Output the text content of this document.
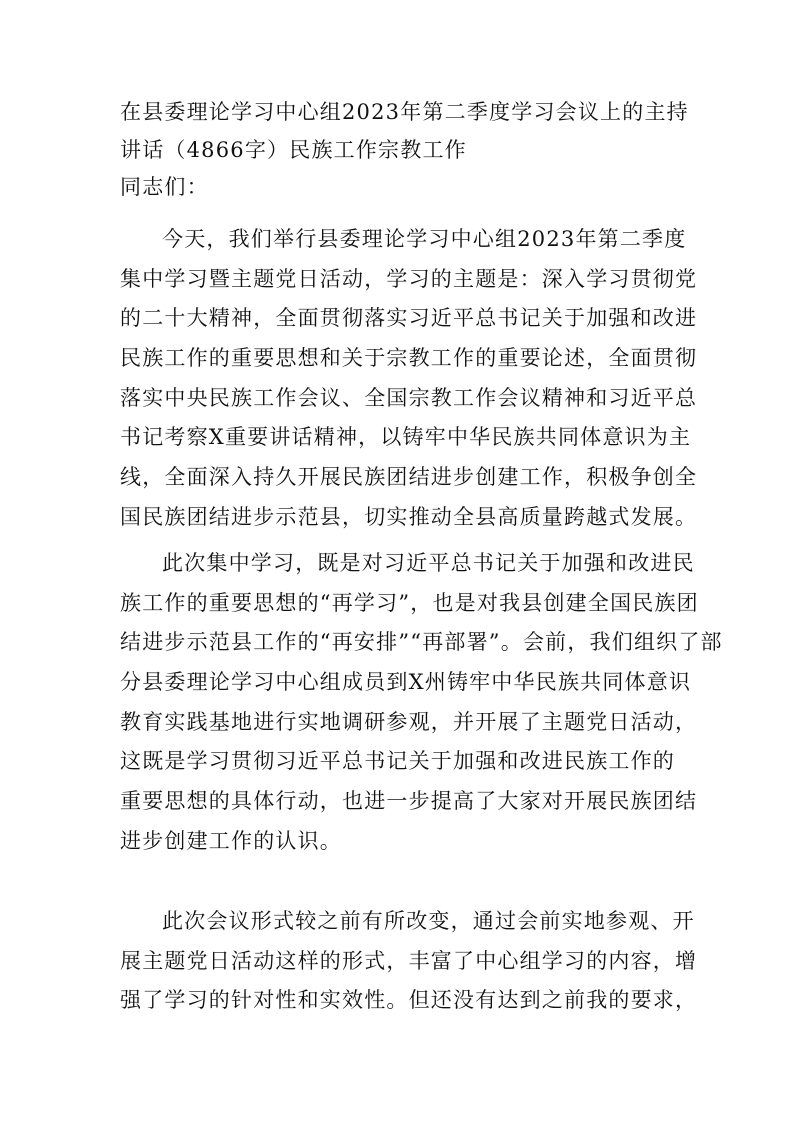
在县委理论学习中心组2023年第二季度学习会议上的主持
讲话（4866字）民族工作宗教工作
同志们：
今天，我们举行县委理论学习中心组2023年第二季度
集中学习暨主题党日活动，学习的主题是：深入学习贯彻党
的二十大精神，全面贯彻落实习近平总书记关于加强和改进
民族工作的重要思想和关于宗教工作的重要论述，全面贯彻
落实中央民族工作会议、全国宗教工作会议精神和习近平总
书记考察X重要讲话精神，以铸牢中华民族共同体意识为主
线，全面深入持久开展民族团结进步创建工作，积极争创全
国民族团结进步示范县，切实推动全县高质量跨越式发展。
此次集中学习，既是对习近平总书记关于加强和改进民
族工作的重要思想的“再学习”，也是对我县创建全国民族团
结进步示范县工作的“再安排”“再部署”。会前，我们组织了部
分县委理论学习中心组成员到X州铸牢中华民族共同体意识
教育实践基地进行实地调研参观，并开展了主题党日活动，
这既是学习贯彻习近平总书记关于加强和改进民族工作的
重要思想的具体行动，也进一步提高了大家对开展民族团结
进步创建工作的认识。
此次会议形式较之前有所改变，通过会前实地参观、开
展主题党日活动这样的形式，丰富了中心组学习的内容，增
强了学习的针对性和实效性。但还没有达到之前我的要求，
